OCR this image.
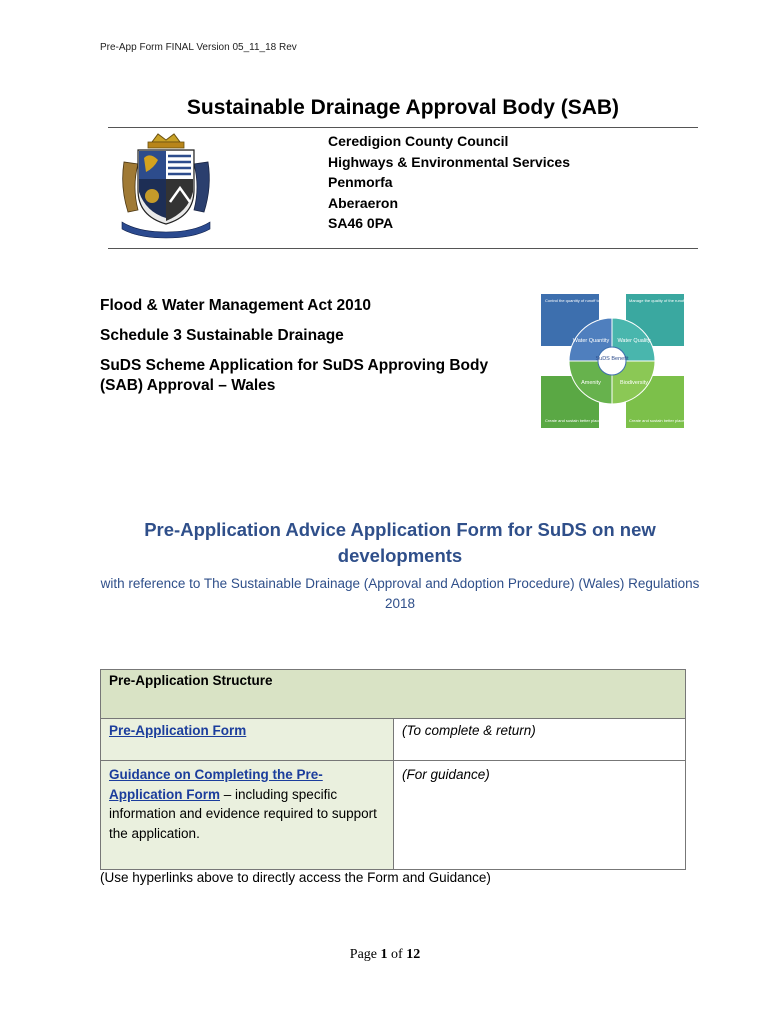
Pre-App Form FINAL Version 05_11_18 Rev
Sustainable Drainage Approval Body (SAB)
Ceredigion County Council
Highways & Environmental Services
Penmorfa
Aberaeron
SA46 0PA
Flood & Water Management Act 2010
Schedule 3 Sustainable Drainage
SuDS Scheme Application for SuDS Approving Body (SAB) Approval – Wales
SuDS Benefit
Water Quantity Water Quality
Amenity	Biodiversity
Control the quantity of runoff to	Manage the quality of the runoff to prevent pollution
Create and sustain better places for people Create and sustain better places for nature
Pre-Application Advice Application Form for SuDS on new developments
with reference to The Sustainable Drainage (Approval and Adoption Procedure) (Wales) Regulations 2018
Pre-Application Structure	
Pre-Application Form	(To complete & return)
Guidance on Completing the Pre-Application Form – including specific information and evidence required to support the application.	(For guidance)
(Use hyperlinks above to directly access the Form and Guidance)
Page 1 of 12
